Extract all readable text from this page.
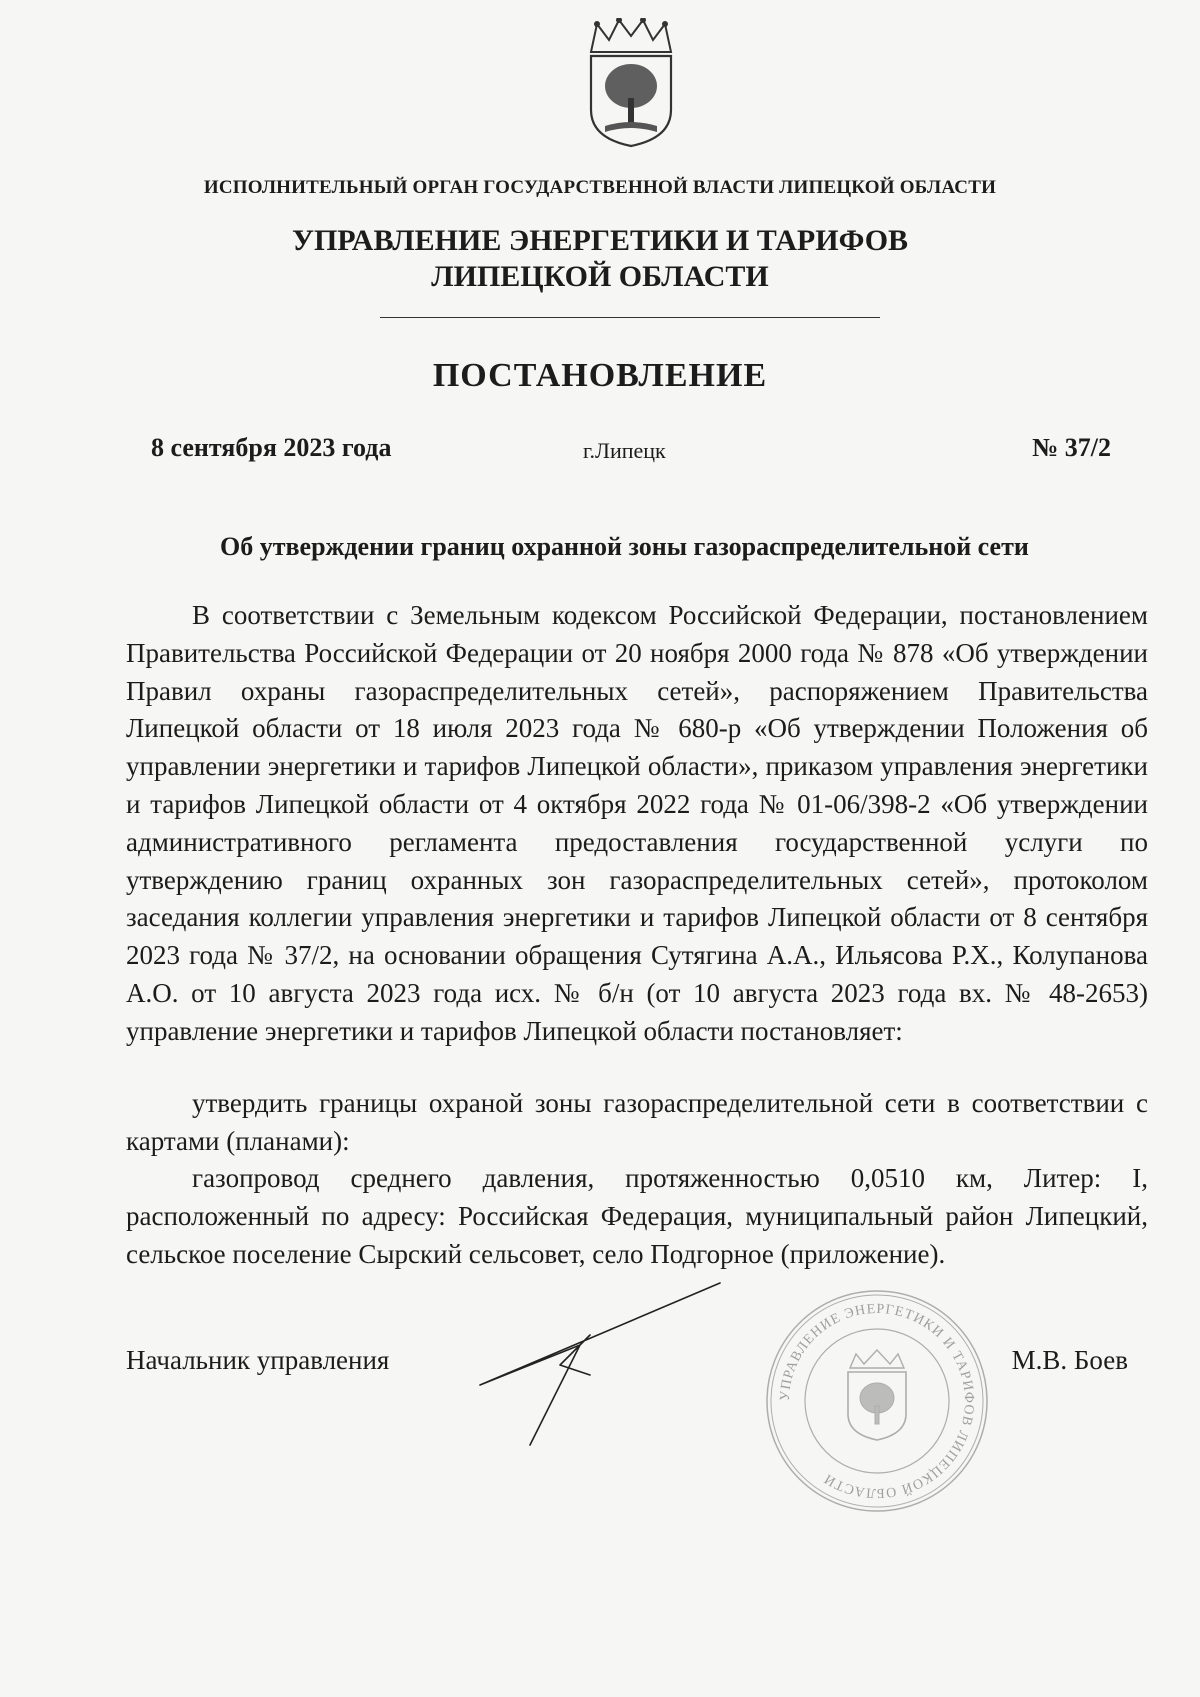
ИСПОЛНИТЕЛЬНЫЙ ОРГАН ГОСУДАРСТВЕННОЙ ВЛАСТИ ЛИПЕЦКОЙ ОБЛАСТИ
УПРАВЛЕНИЕ ЭНЕРГЕТИКИ И ТАРИФОВ
ЛИПЕЦКОЙ ОБЛАСТИ
ПОСТАНОВЛЕНИЕ
8 сентября 2023 года	г.Липецк	№ 37/2
Об утверждении границ охранной зоны газораспределительной сети

В соответствии с Земельным кодексом Российской Федерации, постановлением Правительства Российской Федерации от 20 ноября 2000 года № 878 «Об утверждении Правил охраны газораспределительных сетей», распоряжением Правительства Липецкой области от 18 июля 2023 года № 680-р «Об утверждении Положения об управлении энергетики и тарифов Липецкой области», приказом управления энергетики и тарифов Липецкой области от 4 октября 2022 года № 01-06/398-2 «Об утверждении административного регламента предоставления государственной услуги по утверждению границ охранных зон газораспределительных сетей», протоколом заседания коллегии управления энергетики и тарифов Липецкой области от 8 сентября 2023 года № 37/2, на основании обращения Сутягина А.А., Ильясова Р.Х., Колупанова А.О. от 10 августа 2023 года исх. № б/н (от 10 августа 2023 года вх. № 48-2653) управление энергетики и тарифов Липецкой области постановляет:

утвердить границы охраной зоны газораспределительной сети в соответствии с картами (планами):

газопровод среднего давления, протяженностью 0,0510 км, Литер: I, расположенный по адресу: Российская Федерация, муниципальный район Липецкий, сельское поселение Сырский сельсовет, село Подгорное (приложение).

Начальник управления	М.В. Боев
УПРАВЛЕНИЕ ЭНЕРГЕТИКИ И ТАРИФОВ ЛИПЕЦКОЙ ОБЛАСТИ
